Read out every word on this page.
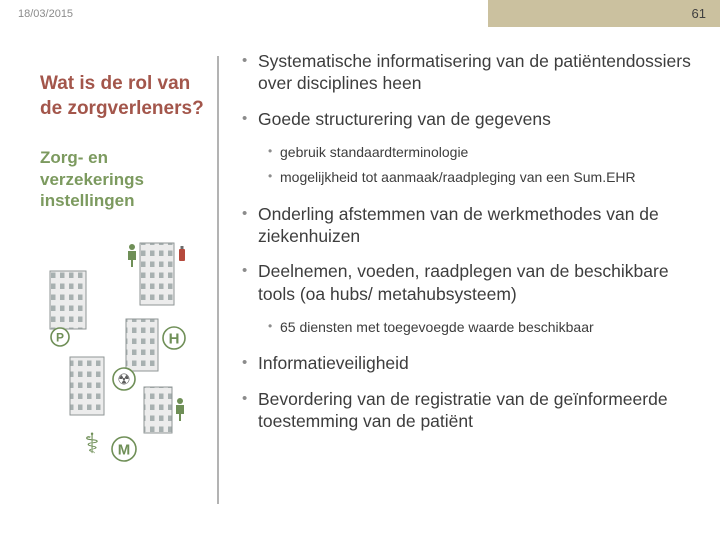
18/03/2015	61
Wat is de rol van de zorgverleners?
Zorg- en verzekerings instellingen
P	H
☢
⚕ M
• Systematische informatisering van de patiëntendossiers over disciplines heen
• Goede structurering van de gegevens
• gebruik standaardterminologie
• mogelijkheid tot aanmaak/raadpleging van een Sum.EHR
• Onderling afstemmen van de werkmethodes van de ziekenhuizen
• Deelnemen, voeden, raadplegen van de beschikbare tools (oa hubs/ metahubsysteem)
• 65 diensten met toegevoegde waarde beschikbaar
• Informatieveiligheid
• Bevordering van de registratie van de geïnformeerde toestemming van de patiënt
